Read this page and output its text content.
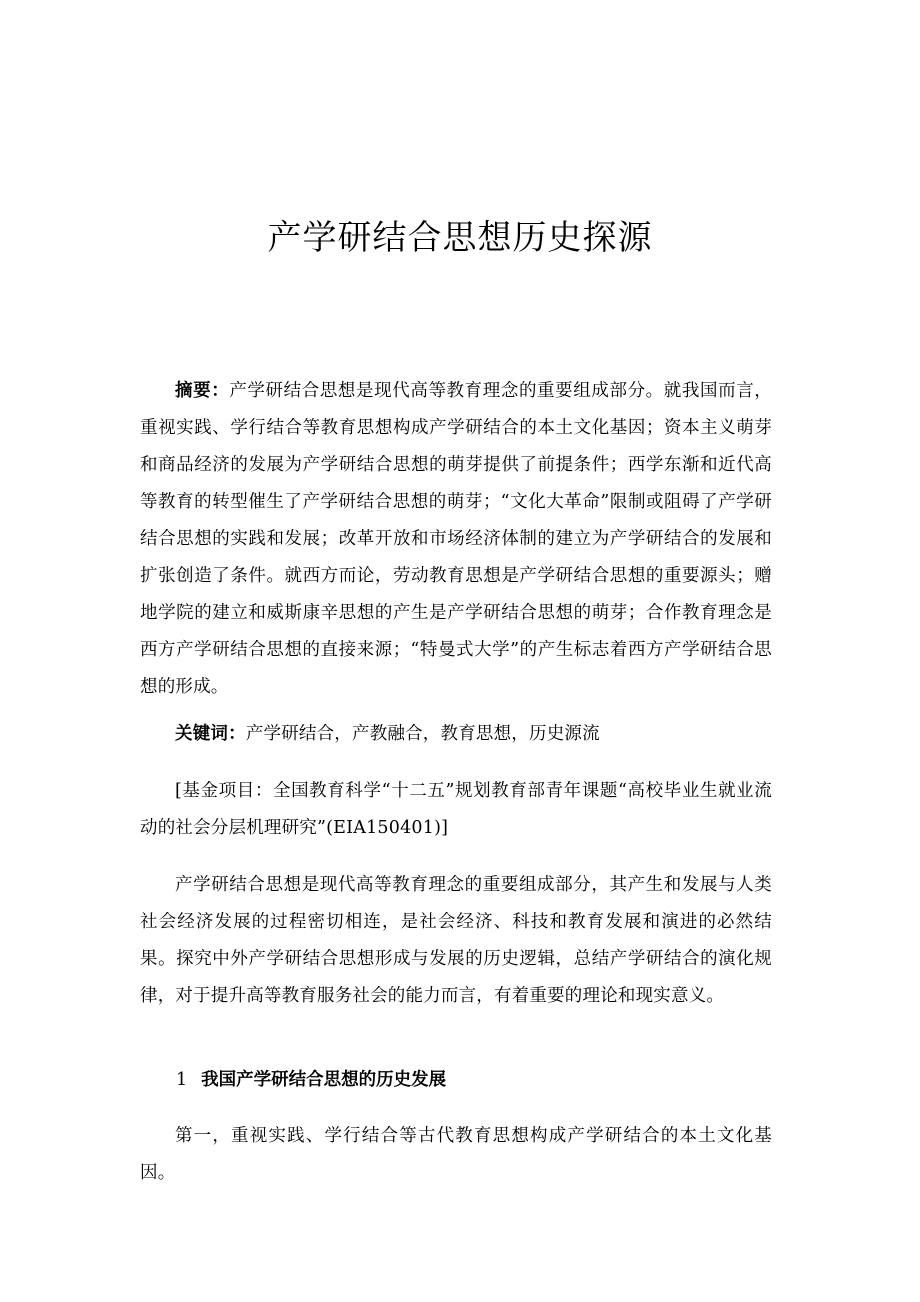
产学研结合思想历史探源

摘要：产学研结合思想是现代高等教育理念的重要组成部分。就我国而言，重视实践、学行结合等教育思想构成产学研结合的本土文化基因；资本主义萌芽和商品经济的发展为产学研结合思想的萌芽提供了前提条件；西学东渐和近代高等教育的转型催生了产学研结合思想的萌芽；“文化大革命”限制或阻碍了产学研结合思想的实践和发展；改革开放和市场经济体制的建立为产学研结合的发展和扩张创造了条件。就西方而论，劳动教育思想是产学研结合思想的重要源头；赠地学院的建立和威斯康辛思想的产生是产学研结合思想的萌芽；合作教育理念是西方产学研结合思想的直接来源；“特曼式大学”的产生标志着西方产学研结合思想的形成。

关键词：产学研结合，产教融合，教育思想，历史源流

[基金项目：全国教育科学“十二五”规划教育部青年课题“高校毕业生就业流动的社会分层机理研究”(EIA150401)]

产学研结合思想是现代高等教育理念的重要组成部分，其产生和发展与人类社会经济发展的过程密切相连，是社会经济、科技和教育发展和演进的必然结果。探究中外产学研结合思想形成与发展的历史逻辑，总结产学研结合的演化规律，对于提升高等教育服务社会的能力而言，有着重要的理论和现实意义。

1 我国产学研结合思想的历史发展

第一，重视实践、学行结合等古代教育思想构成产学研结合的本土文化基因。
